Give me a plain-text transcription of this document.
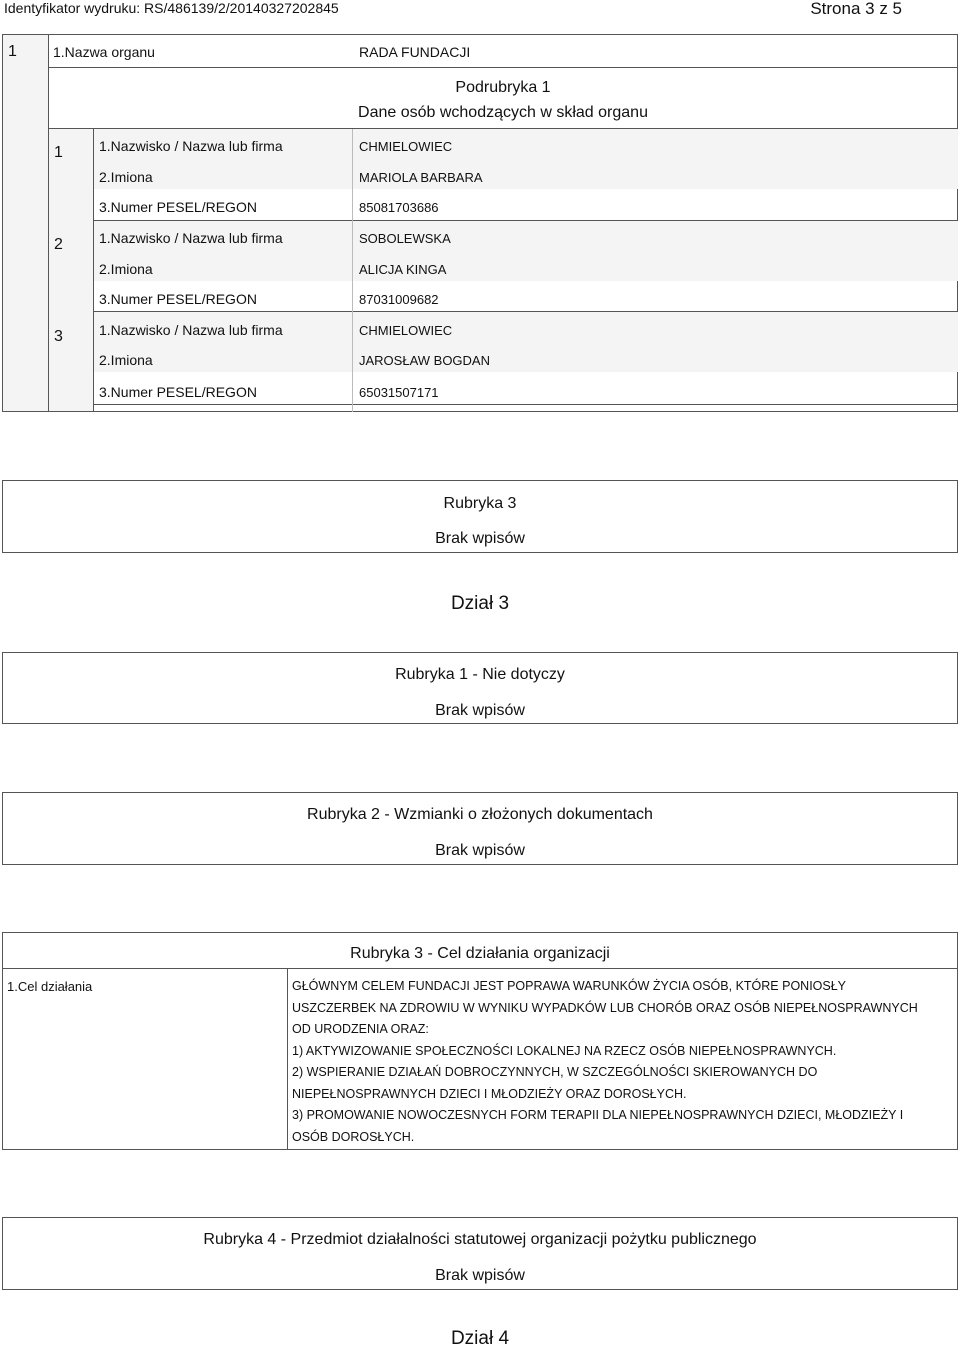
Identyfikator wydruku: RS/486139/2/20140327202845	Strona 3 z 5
1	1.Nazwa organu	RADA FUNDACJI
Podrubryka 1
Dane osób wchodzących w skład organu
1	1.Nazwisko / Nazwa lub firma	CHMIELOWIEC
2.Imiona	MARIOLA BARBARA
3.Numer PESEL/REGON	85081703686
2	1.Nazwisko / Nazwa lub firma	SOBOLEWSKA
2.Imiona	ALICJA KINGA
3.Numer PESEL/REGON	87031009682
3	1.Nazwisko / Nazwa lub firma	CHMIELOWIEC
2.Imiona	JAROSŁAW BOGDAN
3.Numer PESEL/REGON	65031507171
Rubryka 3
Brak wpisów
Dział 3
Rubryka 1 - Nie dotyczy
Brak wpisów
Rubryka 2 - Wzmianki o złożonych dokumentach
Brak wpisów
Rubryka 3 - Cel działania organizacji
1.Cel działania	GŁÓWNYM CELEM FUNDACJI JEST POPRAWA WARUNKÓW ŻYCIA OSÓB, KTÓRE PONIOSŁY
USZCZERBEK NA ZDROWIU W WYNIKU WYPADKÓW LUB CHORÓB ORAZ OSÓB NIEPEŁNOSPRAWNYCH
OD URODZENIA ORAZ:
1) AKTYWIZOWANIE SPOŁECZNOŚCI LOKALNEJ NA RZECZ OSÓB NIEPEŁNOSPRAWNYCH.
2) WSPIERANIE DZIAŁAŃ DOBROCZYNNYCH, W SZCZEGÓLNOŚCI SKIEROWANYCH DO
NIEPEŁNOSPRAWNYCH DZIECI I MŁODZIEŻY ORAZ DOROSŁYCH.
3) PROMOWANIE NOWOCZESNYCH FORM TERAPII DLA NIEPEŁNOSPRAWNYCH DZIECI, MŁODZIEŻY I
OSÓB DOROSŁYCH.
Rubryka 4 - Przedmiot działalności statutowej organizacji pożytku publicznego
Brak wpisów
Dział 4
